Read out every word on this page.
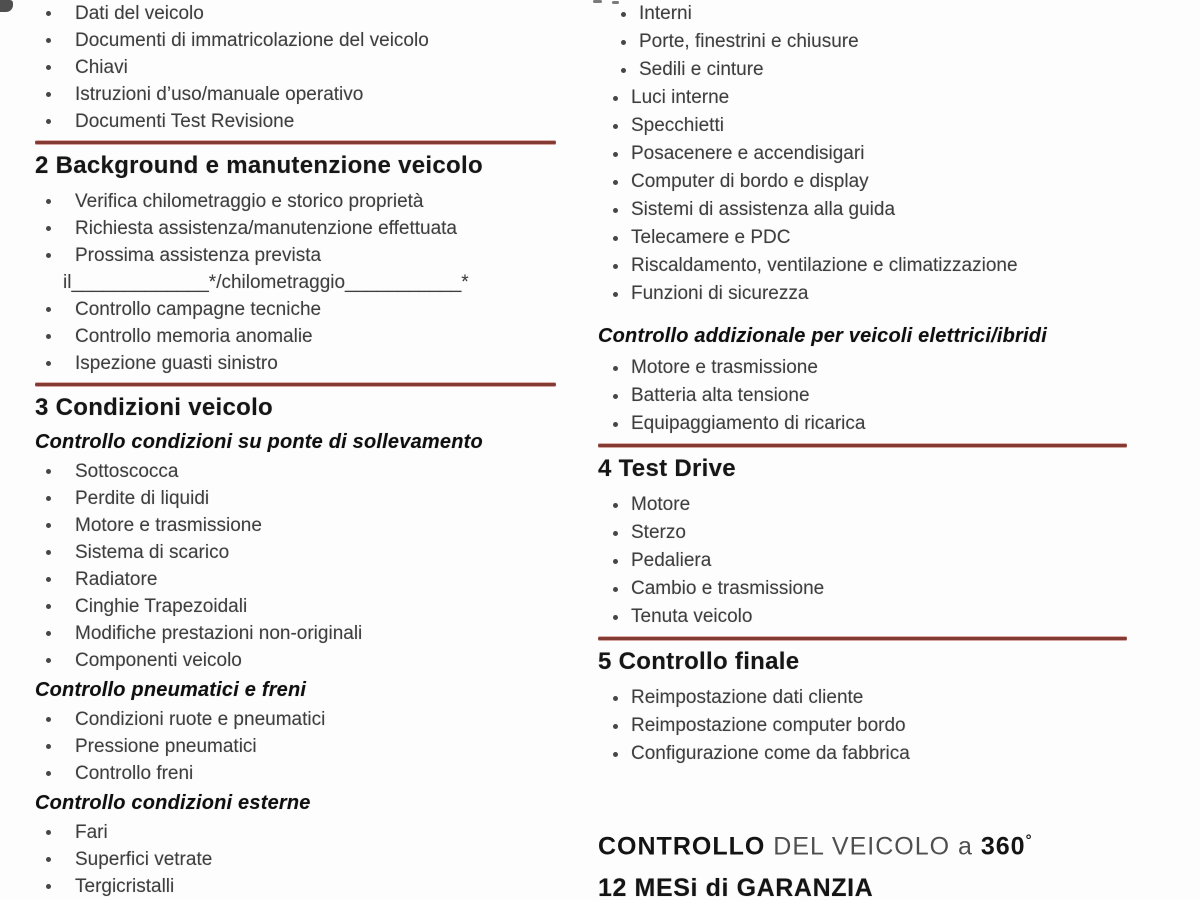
Dati del veicolo
Documenti di immatricolazione del veicolo
Chiavi
Istruzioni d’uso/manuale operativo
Documenti Test Revisione
2 Background e manutenzione veicolo
Verifica chilometraggio e storico proprietà
Richiesta assistenza/manutenzione effettuata
Prossima assistenza prevista
il_____________*/chilometraggio___________*
Controllo campagne tecniche
Controllo memoria anomalie
Ispezione guasti sinistro
3 Condizioni veicolo
Controllo condizioni su ponte di sollevamento
Sottoscocca
Perdite di liquidi
Motore e trasmissione
Sistema di scarico
Radiatore
Cinghie Trapezoidali
Modifiche prestazioni non-originali
Componenti veicolo
Controllo pneumatici e freni
Condizioni ruote e pneumatici
Pressione pneumatici
Controllo freni
Controllo condizioni esterne
Fari
Superfici vetrate
Tergicristalli
Interni
Porte, finestrini e chiusure
Sedili e cinture
Luci interne
Specchietti
Posacenere e accendisigari
Computer di bordo e display
Sistemi di assistenza alla guida
Telecamere e PDC
Riscaldamento, ventilazione e climatizzazione
Funzioni di sicurezza
Controllo addizionale per veicoli elettrici/ibridi
Motore e trasmissione
Batteria alta tensione
Equipaggiamento di ricarica
4 Test Drive
Motore
Sterzo
Pedaliera
Cambio e trasmissione
Tenuta veicolo
5 Controllo finale
Reimpostazione dati cliente
Reimpostazione computer bordo
Configurazione come da fabbrica

CONTROLLO DEL VEICOLO a 360°

12 MESi di GARANZIA
